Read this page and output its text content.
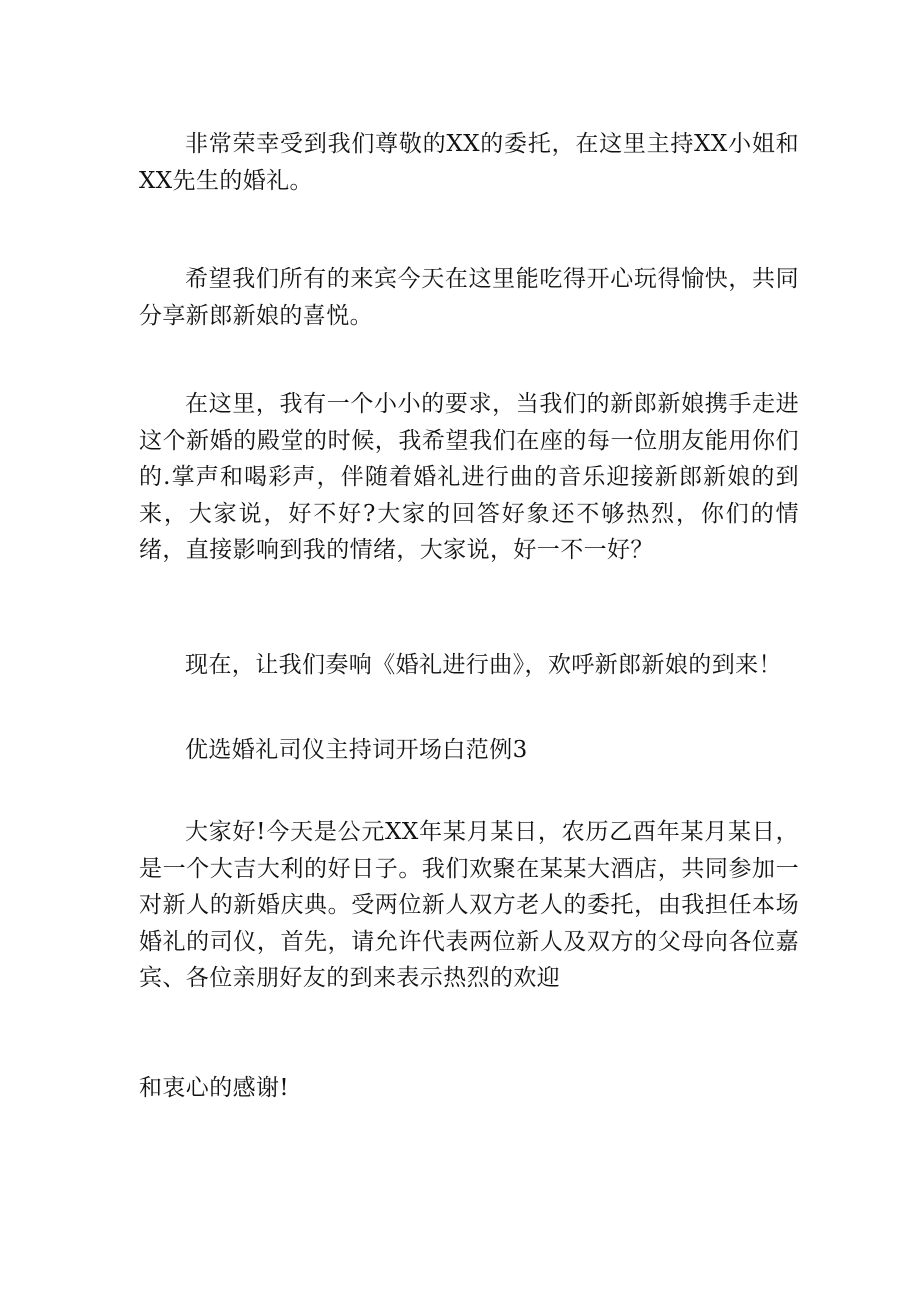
非常荣幸受到我们尊敬的XX的委托，在这里主持XX小姐和XX先生的婚礼。

希望我们所有的来宾今天在这里能吃得开心玩得愉快，共同分享新郎新娘的喜悦。

在这里，我有一个小小的要求，当我们的新郎新娘携手走进这个新婚的殿堂的时候，我希望我们在座的每一位朋友能用你们的.掌声和喝彩声，伴随着婚礼进行曲的音乐迎接新郎新娘的到来，大家说，好不好?大家的回答好象还不够热烈，你们的情绪，直接影响到我的情绪，大家说，好一不一好？

现在，让我们奏响《婚礼进行曲》，欢呼新郎新娘的到来！

优选婚礼司仪主持词开场白范例3

大家好!今天是公元XX年某月某日，农历乙酉年某月某日，是一个大吉大利的好日子。我们欢聚在某某大酒店，共同参加一对新人的新婚庆典。受两位新人双方老人的委托，由我担任本场婚礼的司仪，首先，请允许代表两位新人及双方的父母向各位嘉宾、各位亲朋好友的到来表示热烈的欢迎

和衷心的感谢!
